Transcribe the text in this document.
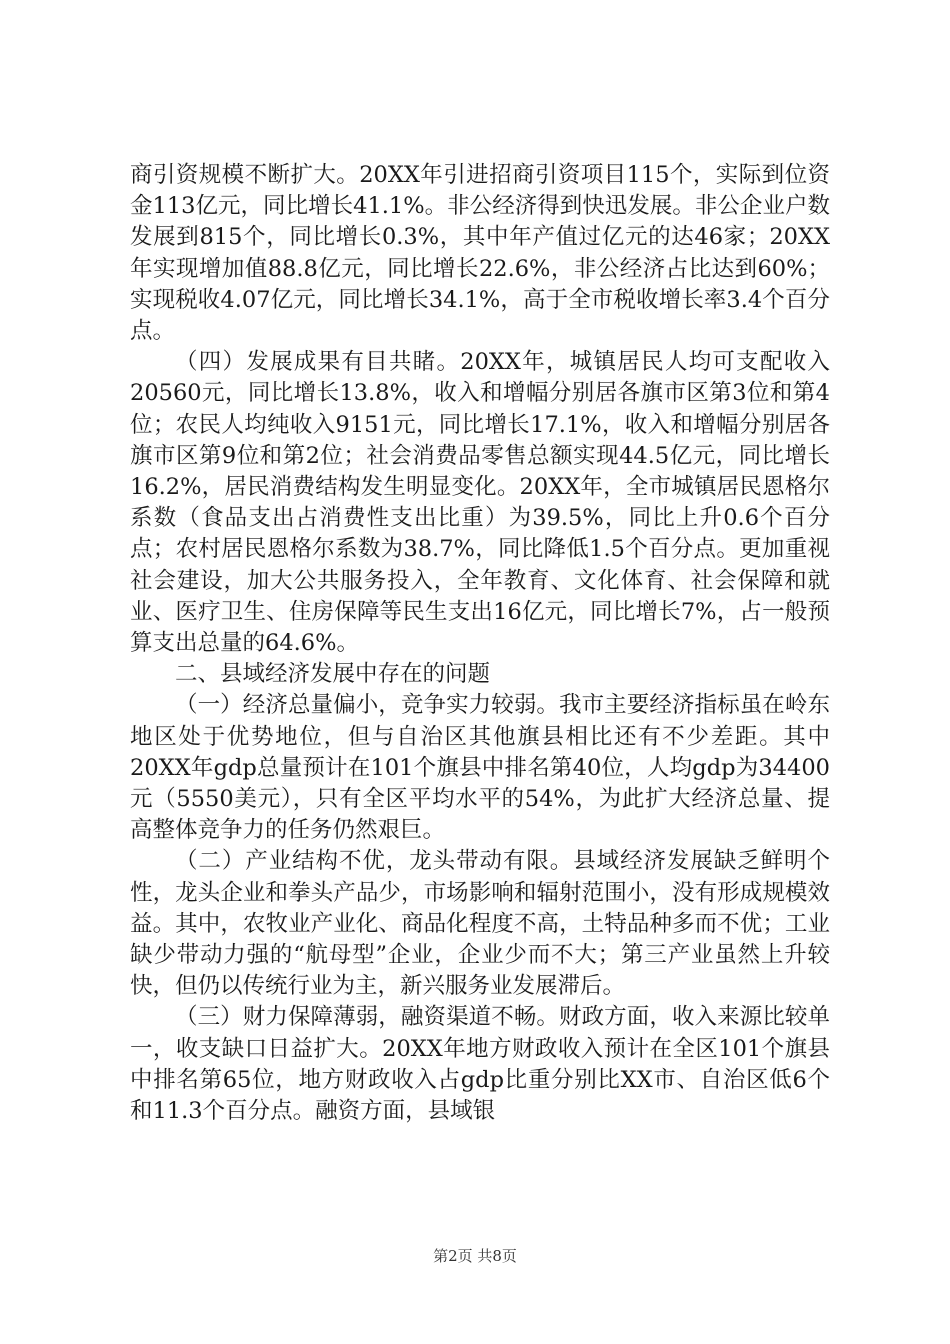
商引资规模不断扩大。20XX年引进招商引资项目115个，实际到位资金113亿元，同比增长41.1%。非公经济得到快迅发展。非公企业户数发展到815个，同比增长0.3%，其中年产值过亿元的达46家；20XX年实现增加值88.8亿元，同比增长22.6%，非公经济占比达到60%；实现税收4.07亿元，同比增长34.1%，高于全市税收增长率3.4个百分点。

（四）发展成果有目共睹。20XX年，城镇居民人均可支配收入20560元，同比增长13.8%，收入和增幅分别居各旗市区第3位和第4位；农民人均纯收入9151元，同比增长17.1%，收入和增幅分别居各旗市区第9位和第2位；社会消费品零售总额实现44.5亿元，同比增长16.2%，居民消费结构发生明显变化。20XX年，全市城镇居民恩格尔系数（食品支出占消费性支出比重）为39.5%，同比上升0.6个百分点；农村居民恩格尔系数为38.7%，同比降低1.5个百分点。更加重视社会建设，加大公共服务投入，全年教育、文化体育、社会保障和就业、医疗卫生、住房保障等民生支出16亿元，同比增长7%，占一般预算支出总量的64.6%。

二、县域经济发展中存在的问题

（一）经济总量偏小，竞争实力较弱。我市主要经济指标虽在岭东地区处于优势地位，但与自治区其他旗县相比还有不少差距。其中20XX年gdp总量预计在101个旗县中排名第40位，人均gdp为34400元（5550美元），只有全区平均水平的54%，为此扩大经济总量、提高整体竞争力的任务仍然艰巨。

（二）产业结构不优，龙头带动有限。县域经济发展缺乏鲜明个性，龙头企业和拳头产品少，市场影响和辐射范围小，没有形成规模效益。其中，农牧业产业化、商品化程度不高，土特品种多而不优；工业缺少带动力强的“航母型”企业，企业少而不大；第三产业虽然上升较快，但仍以传统行业为主，新兴服务业发展滞后。

（三）财力保障薄弱，融资渠道不畅。财政方面，收入来源比较单一，收支缺口日益扩大。20XX年地方财政收入预计在全区101个旗县中排名第65位，地方财政收入占gdp比重分别比XX市、自治区低6个和11.3个百分点。融资方面，县域银

第2页 共8页
